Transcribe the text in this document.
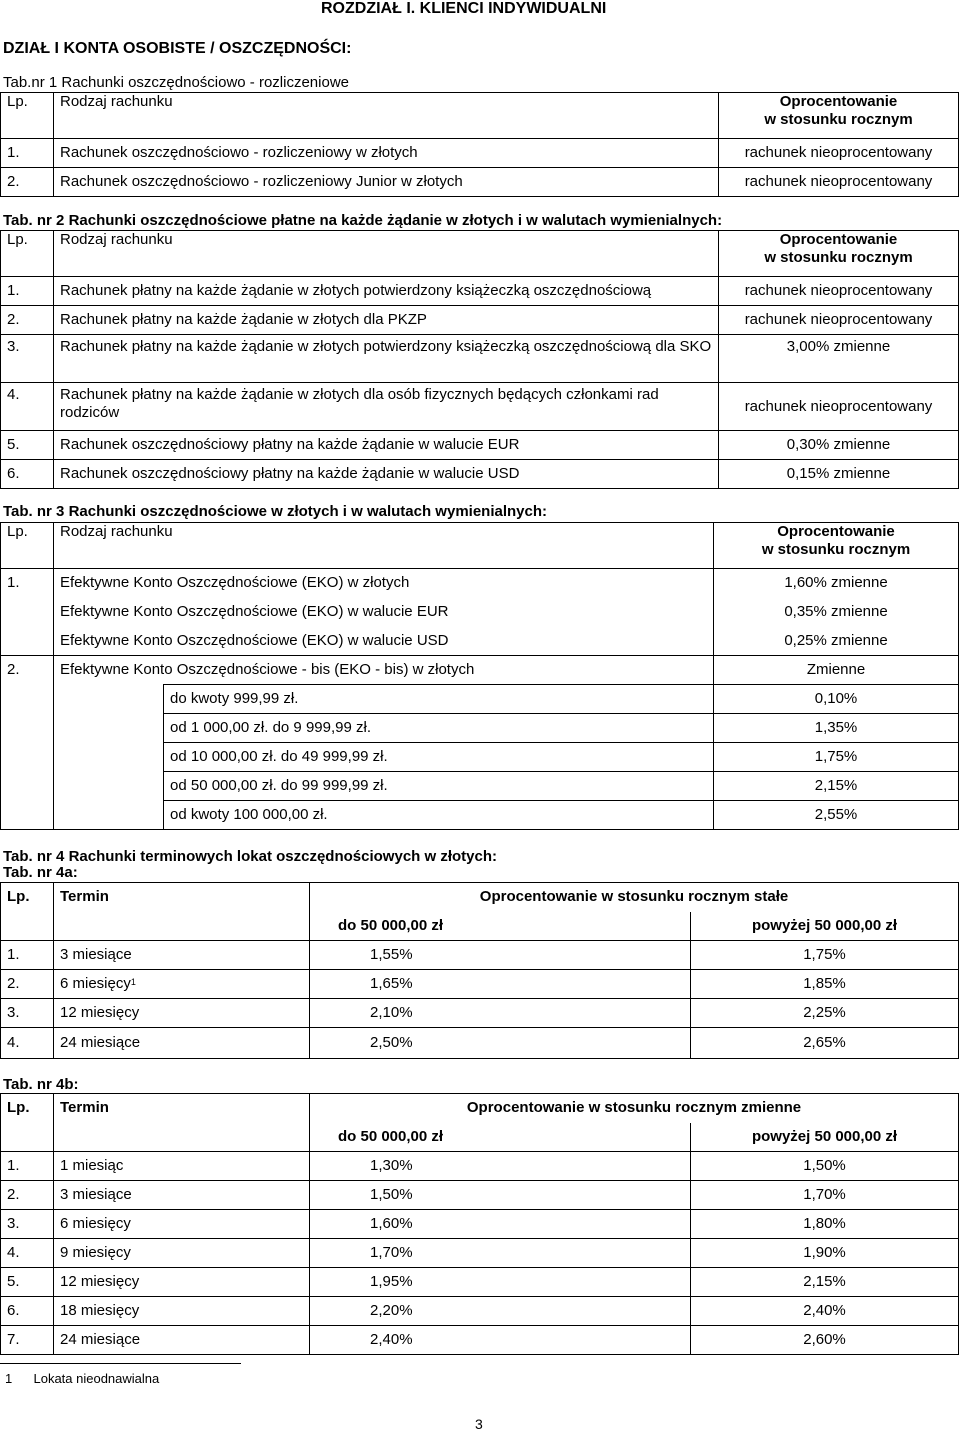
ROZDZIAŁ I. KLIENCI INDYWIDUALNI
DZIAŁ I KONTA OSOBISTE / OSZCZĘDNOŚCI:
Tab.nr 1 Rachunki oszczędnościowo - rozliczeniowe
Lp.	Rodzaj rachunku	Oprocentowanie
w stosunku rocznym

1.	Rachunek oszczędnościowo - rozliczeniowy w złotych	rachunek nieoprocentowany
2.	Rachunek oszczędnościowo - rozliczeniowy Junior w złotych	rachunek nieoprocentowany
Tab. nr 2 Rachunki oszczędnościowe płatne na każde żądanie w złotych i w walutach wymienialnych:
Lp.	Rodzaj rachunku	Oprocentowanie
w stosunku rocznym

1.	Rachunek płatny na każde żądanie w złotych potwierdzony książeczką oszczędnościową	rachunek nieoprocentowany
2.	Rachunek płatny na każde żądanie w złotych dla PKZP	rachunek nieoprocentowany
3.	Rachunek płatny na każde żądanie w złotych potwierdzony książeczką oszczędnościową dla SKO	3,00% zmienne
4.	Rachunek płatny na każde żądanie w złotych dla osób fizycznych będących członkami rad rodziców	rachunek nieoprocentowany
5.	Rachunek oszczędnościowy płatny na każde żądanie w walucie EUR	0,30% zmienne
6.	Rachunek oszczędnościowy płatny na każde żądanie w walucie USD	0,15% zmienne
Tab. nr 3 Rachunki oszczędnościowe w złotych i w walutach wymienialnych:
Lp.	Rodzaj rachunku		Oprocentowanie
w stosunku rocznym

1.	Efektywne Konto Oszczędnościowe (EKO) w złotych		1,60% zmienne
	Efektywne Konto Oszczędnościowe (EKO) w walucie EUR		0,35% zmienne
	Efektywne Konto Oszczędnościowe (EKO) w walucie USD		0,25% zmienne
2.	Efektywne Konto Oszczędnościowe - bis (EKO - bis) w złotych		Zmienne
		do kwoty 999,99 zł.	0,10%
		od 1 000,00 zł. do 9 999,99 zł.	1,35%
		od 10 000,00 zł. do 49 999,99 zł.	1,75%
		od 50 000,00 zł. do 99 999,99 zł.	2,15%
		od kwoty 100 000,00 zł.	2,55%
Tab. nr 4 Rachunki terminowych lokat oszczędnościowych w złotych:
Tab. nr 4a:
Lp.	Termin	Oprocentowanie w stosunku rocznym stałe	
		do 50 000,00 zł	powyżej 50 000,00 zł
1.	3 miesiące	1,55%	1,75%
2.	6 miesięcy$^1$	1,65%	1,85%
3.	12 miesięcy	2,10%	2,25%
4.	24 miesiące	2,50%	2,65%
Tab. nr 4b:
Lp.	Termin	Oprocentowanie w stosunku rocznym zmienne	
		do 50 000,00 zł	powyżej 50 000,00 zł
1.	1 miesiąc	1,30%	1,50%
2.	3 miesiące	1,50%	1,70%
3.	6 miesięcy	1,60%	1,80%
4.	9 miesięcy	1,70%	1,90%
5.	12 miesięcy	1,95%	2,15%
6.	18 miesięcy	2,20%	2,40%
7.	24 miesiące	2,40%	2,60%
1 Lokata nieodnawialna
3
